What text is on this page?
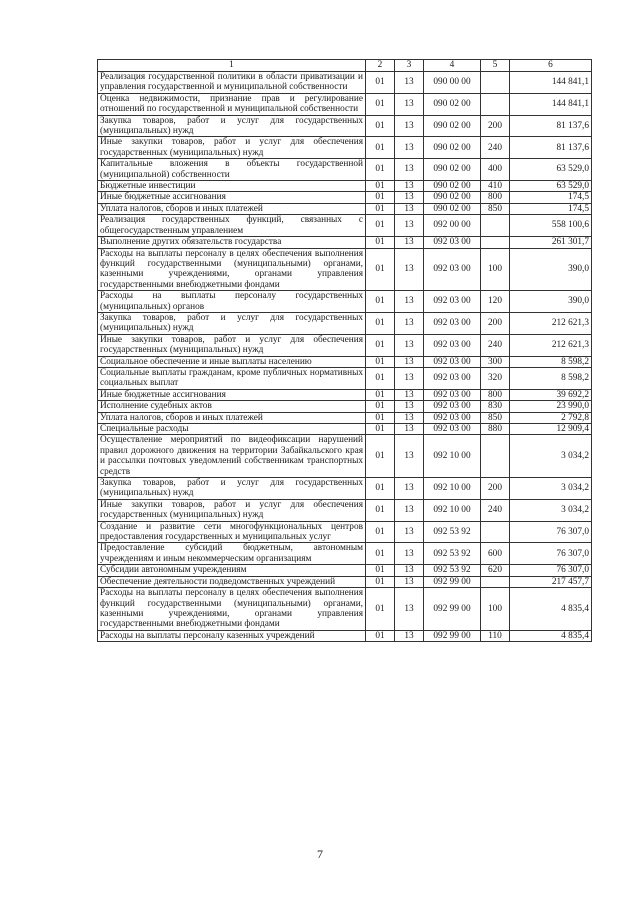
1	2	3	4	5	6
Реализация государственной политики в области приватизации и управления государственной и муниципальной собственности	01	13	090 00 00		144 841,1
Оценка недвижимости, признание прав и регулирование отношений по государственной и муниципальной собственности	01	13	090 02 00		144 841,1
Закупка товаров, работ и услуг для государственных (муниципальных) нужд	01	13	090 02 00	200	81 137,6
Иные закупки товаров, работ и услуг для обеспечения государственных (муниципальных) нужд	01	13	090 02 00	240	81 137,6
Капитальные вложения в объекты государственной (муниципальной) собственности	01	13	090 02 00	400	63 529,0
Бюджетные инвестиции	01	13	090 02 00	410	63 529,0
Иные бюджетные ассигнования	01	13	090 02 00	800	174,5
Уплата налогов, сборов и иных платежей	01	13	090 02 00	850	174,5
Реализация государственных функций, связанных с общегосударственным управлением	01	13	092 00 00		558 100,6
Выполнение других обязательств государства	01	13	092 03 00		261 301,7
Расходы на выплаты персоналу в целях обеспечения выполнения функций государственными (муниципальными) органами, казенными учреждениями, органами управления государственными внебюджетными фондами	01	13	092 03 00	100	390,0
Расходы на выплаты персоналу государственных (муниципальных) органов	01	13	092 03 00	120	390,0
Закупка товаров, работ и услуг для государственных (муниципальных) нужд	01	13	092 03 00	200	212 621,3
Иные закупки товаров, работ и услуг для обеспечения государственных (муниципальных) нужд	01	13	092 03 00	240	212 621,3
Социальное обеспечение и иные выплаты населению	01	13	092 03 00	300	8 598,2
Социальные выплаты гражданам, кроме публичных нормативных социальных выплат	01	13	092 03 00	320	8 598,2
Иные бюджетные ассигнования	01	13	092 03 00	800	39 692,2
Исполнение судебных актов	01	13	092 03 00	830	23 990,0
Уплата налогов, сборов и иных платежей	01	13	092 03 00	850	2 792,8
Специальные расходы	01	13	092 03 00	880	12 909,4
Осуществление мероприятий по видеофиксации нарушений правил дорожного движения на территории Забайкальского края и рассылки почтовых уведомлений собственникам транспортных средств	01	13	092 10 00		3 034,2
Закупка товаров, работ и услуг для государственных (муниципальных) нужд	01	13	092 10 00	200	3 034,2
Иные закупки товаров, работ и услуг для обеспечения государственных (муниципальных) нужд	01	13	092 10 00	240	3 034,2
Создание и развитие сети многофункциональных центров предоставления государственных и муниципальных услуг	01	13	092 53 92		76 307,0
Предоставление субсидий бюджетным, автономным учреждениям и иным некоммерческим организациям	01	13	092 53 92	600	76 307,0
Субсидии автономным учреждениям	01	13	092 53 92	620	76 307,0
Обеспечение деятельности подведомственных учреждений	01	13	092 99 00		217 457,7
Расходы на выплаты персоналу в целях обеспечения выполнения функций государственными (муниципальными) органами, казенными учреждениями, органами управления государственными внебюджетными фондами	01	13	092 99 00	100	4 835,4
Расходы на выплаты персоналу казенных учреждений	01	13	092 99 00	110	4 835,4
7
